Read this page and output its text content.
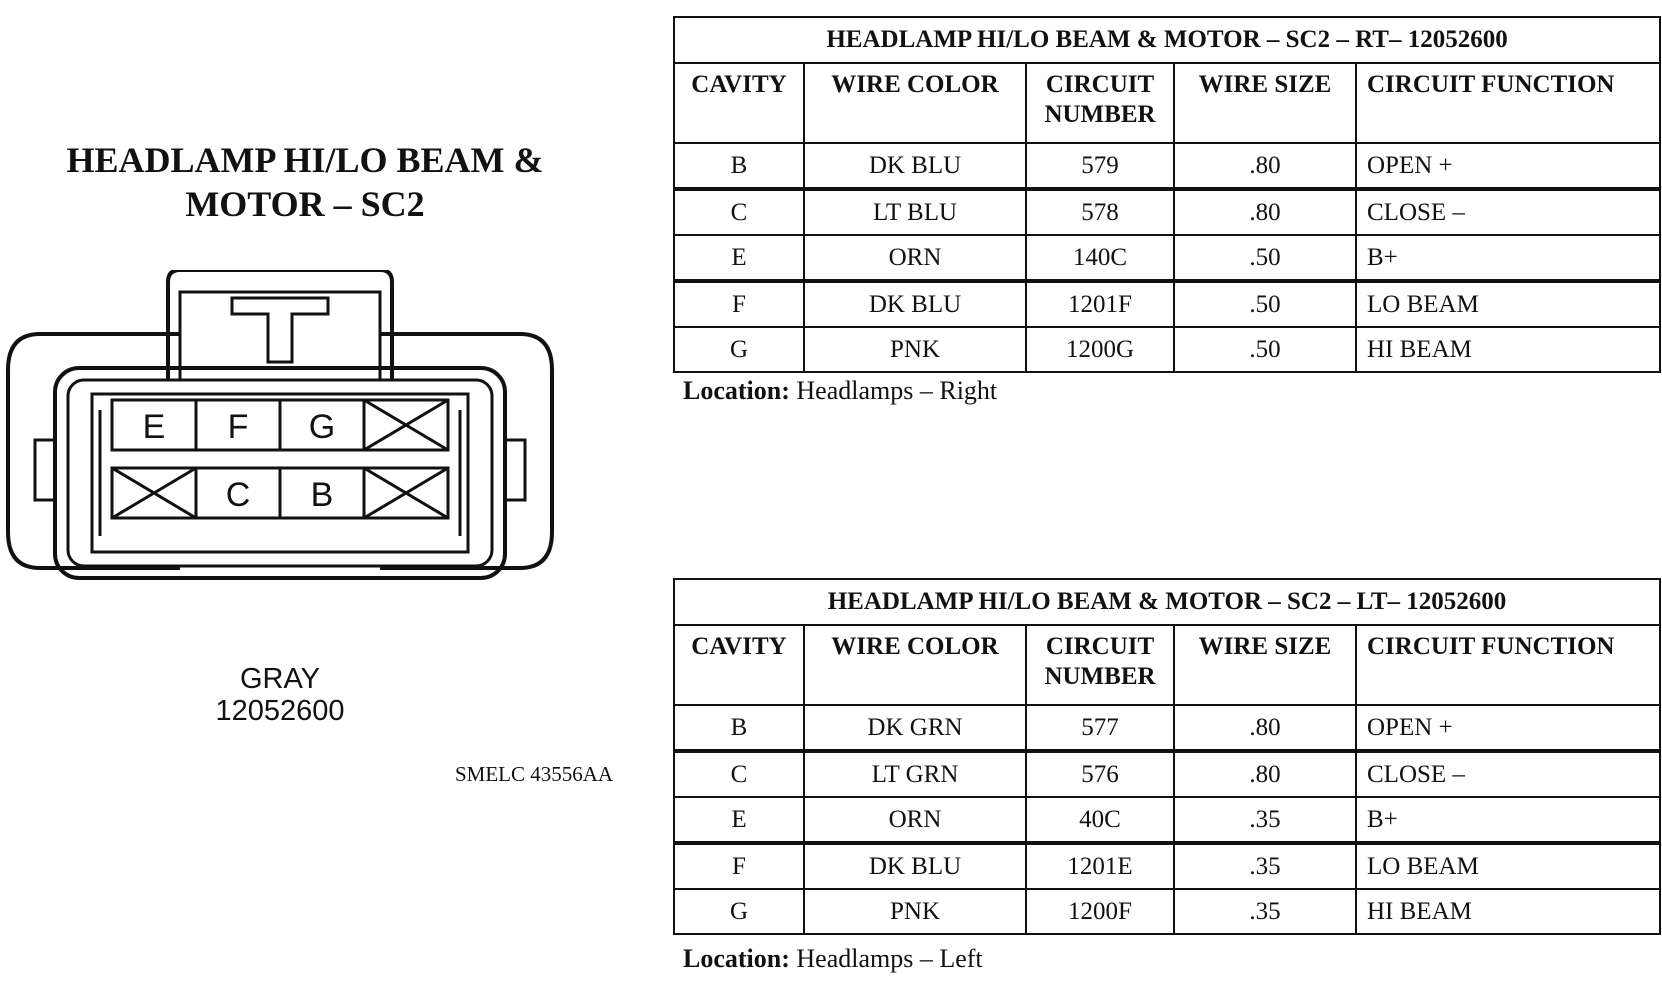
HEADLAMP HI/LO BEAM &
MOTOR – SC2
E F G
C B
GRAY
12052600
SMELC 43556AA
HEADLAMP HI/LO BEAM & MOTOR – SC2 – RT– 12052600				
CAVITY	WIRE COLOR	CIRCUIT NUMBER	WIRE SIZE	CIRCUIT FUNCTION
B	DK BLU	579	.80	OPEN +
C	LT BLU	578	.80	CLOSE –
E	ORN	140C	.50	B+
F	DK BLU	1201F	.50	LO BEAM
G	PNK	1200G	.50	HI BEAM
Location: Headlamps – Right
HEADLAMP HI/LO BEAM & MOTOR – SC2 – LT– 12052600				
CAVITY	WIRE COLOR	CIRCUIT NUMBER	WIRE SIZE	CIRCUIT FUNCTION
B	DK GRN	577	.80	OPEN +
C	LT GRN	576	.80	CLOSE –
E	ORN	40C	.35	B+
F	DK BLU	1201E	.35	LO BEAM
G	PNK	1200F	.35	HI BEAM
Location: Headlamps – Left
